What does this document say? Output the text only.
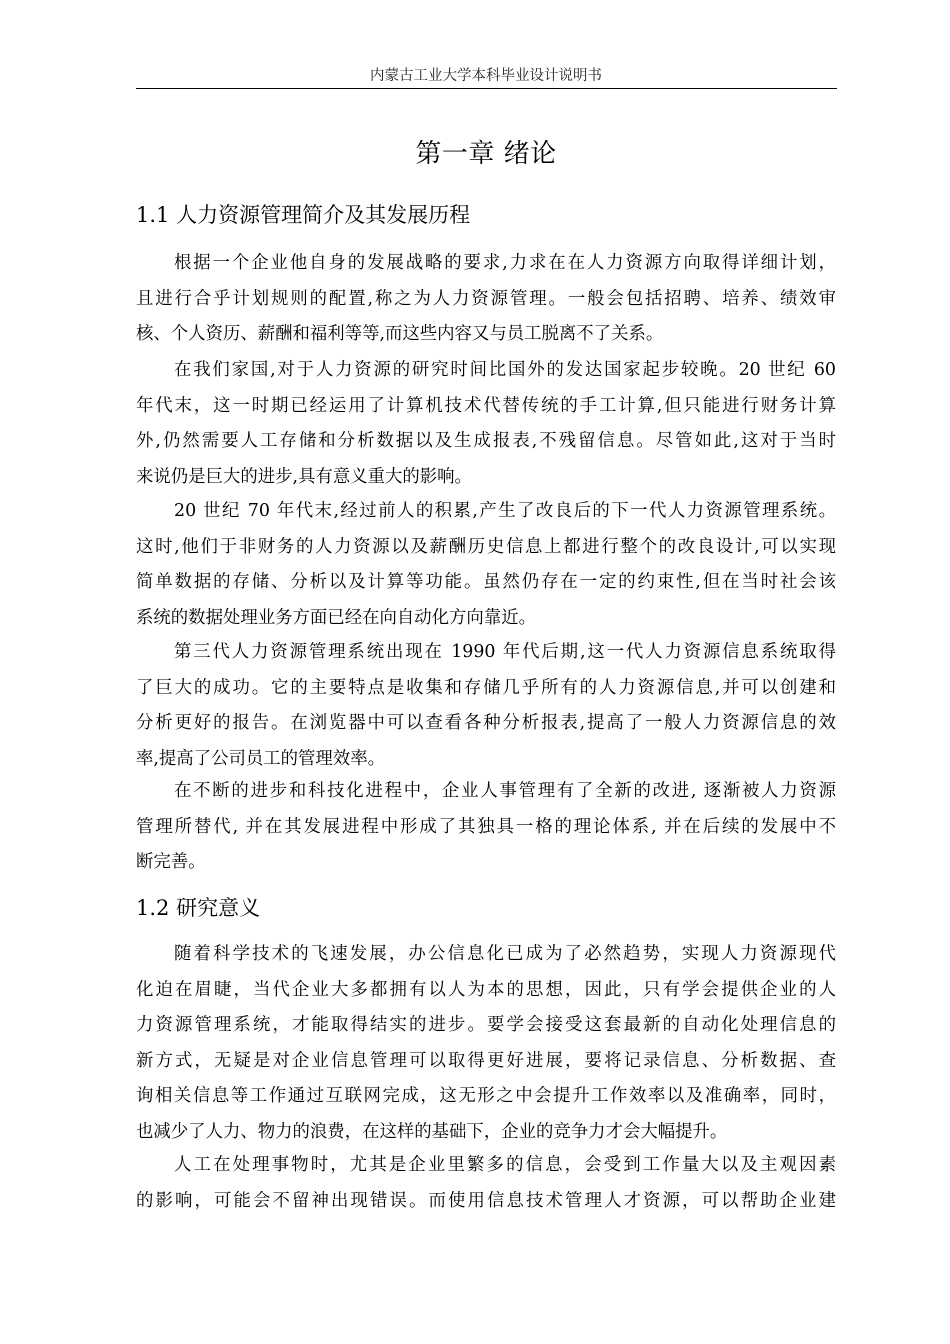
内蒙古工业大学本科毕业设计说明书
第一章 绪论
1.1 人力资源管理简介及其发展历程
根据一个企业他自身的发展战略的要求,力求在在人力资源方向取得详细计划，
且进行合乎计划规则的配置,称之为人力资源管理。一般会包括招聘、培养、绩效审
核、个人资历、薪酬和福利等等,而这些内容又与员工脱离不了关系。
在我们家国,对于人力资源的研究时间比国外的发达国家起步较晚。20 世纪 60
年代末，这一时期已经运用了计算机技术代替传统的手工计算,但只能进行财务计算
外,仍然需要人工存储和分析数据以及生成报表,不残留信息。尽管如此,这对于当时
来说仍是巨大的进步,具有意义重大的影响。
20 世纪 70 年代末,经过前人的积累,产生了改良后的下一代人力资源管理系统。
这时,他们于非财务的人力资源以及薪酬历史信息上都进行整个的改良设计,可以实现
简单数据的存储、分析以及计算等功能。虽然仍存在一定的约束性,但在当时社会该
系统的数据处理业务方面已经在向自动化方向靠近。
第三代人力资源管理系统出现在 1990 年代后期,这一代人力资源信息系统取得
了巨大的成功。它的主要特点是收集和存储几乎所有的人力资源信息,并可以创建和
分析更好的报告。在浏览器中可以查看各种分析报表,提高了一般人力资源信息的效
率,提高了公司员工的管理效率。
在不断的进步和科技化进程中，企业人事管理有了全新的改进, 逐渐被人力资源
管理所替代, 并在其发展进程中形成了其独具一格的理论体系, 并在后续的发展中不
断完善。
1.2 研究意义
随着科学技术的飞速发展，办公信息化已成为了必然趋势，实现人力资源现代
化迫在眉睫，当代企业大多都拥有以人为本的思想，因此，只有学会提供企业的人
力资源管理系统，才能取得结实的进步。要学会接受这套最新的自动化处理信息的
新方式，无疑是对企业信息管理可以取得更好进展，要将记录信息、分析数据、查
询相关信息等工作通过互联网完成，这无形之中会提升工作效率以及准确率，同时，
也减少了人力、物力的浪费，在这样的基础下，企业的竞争力才会大幅提升。
人工在处理事物时，尤其是企业里繁多的信息，会受到工作量大以及主观因素
的影响，可能会不留神出现错误。而使用信息技术管理人才资源，可以帮助企业建
